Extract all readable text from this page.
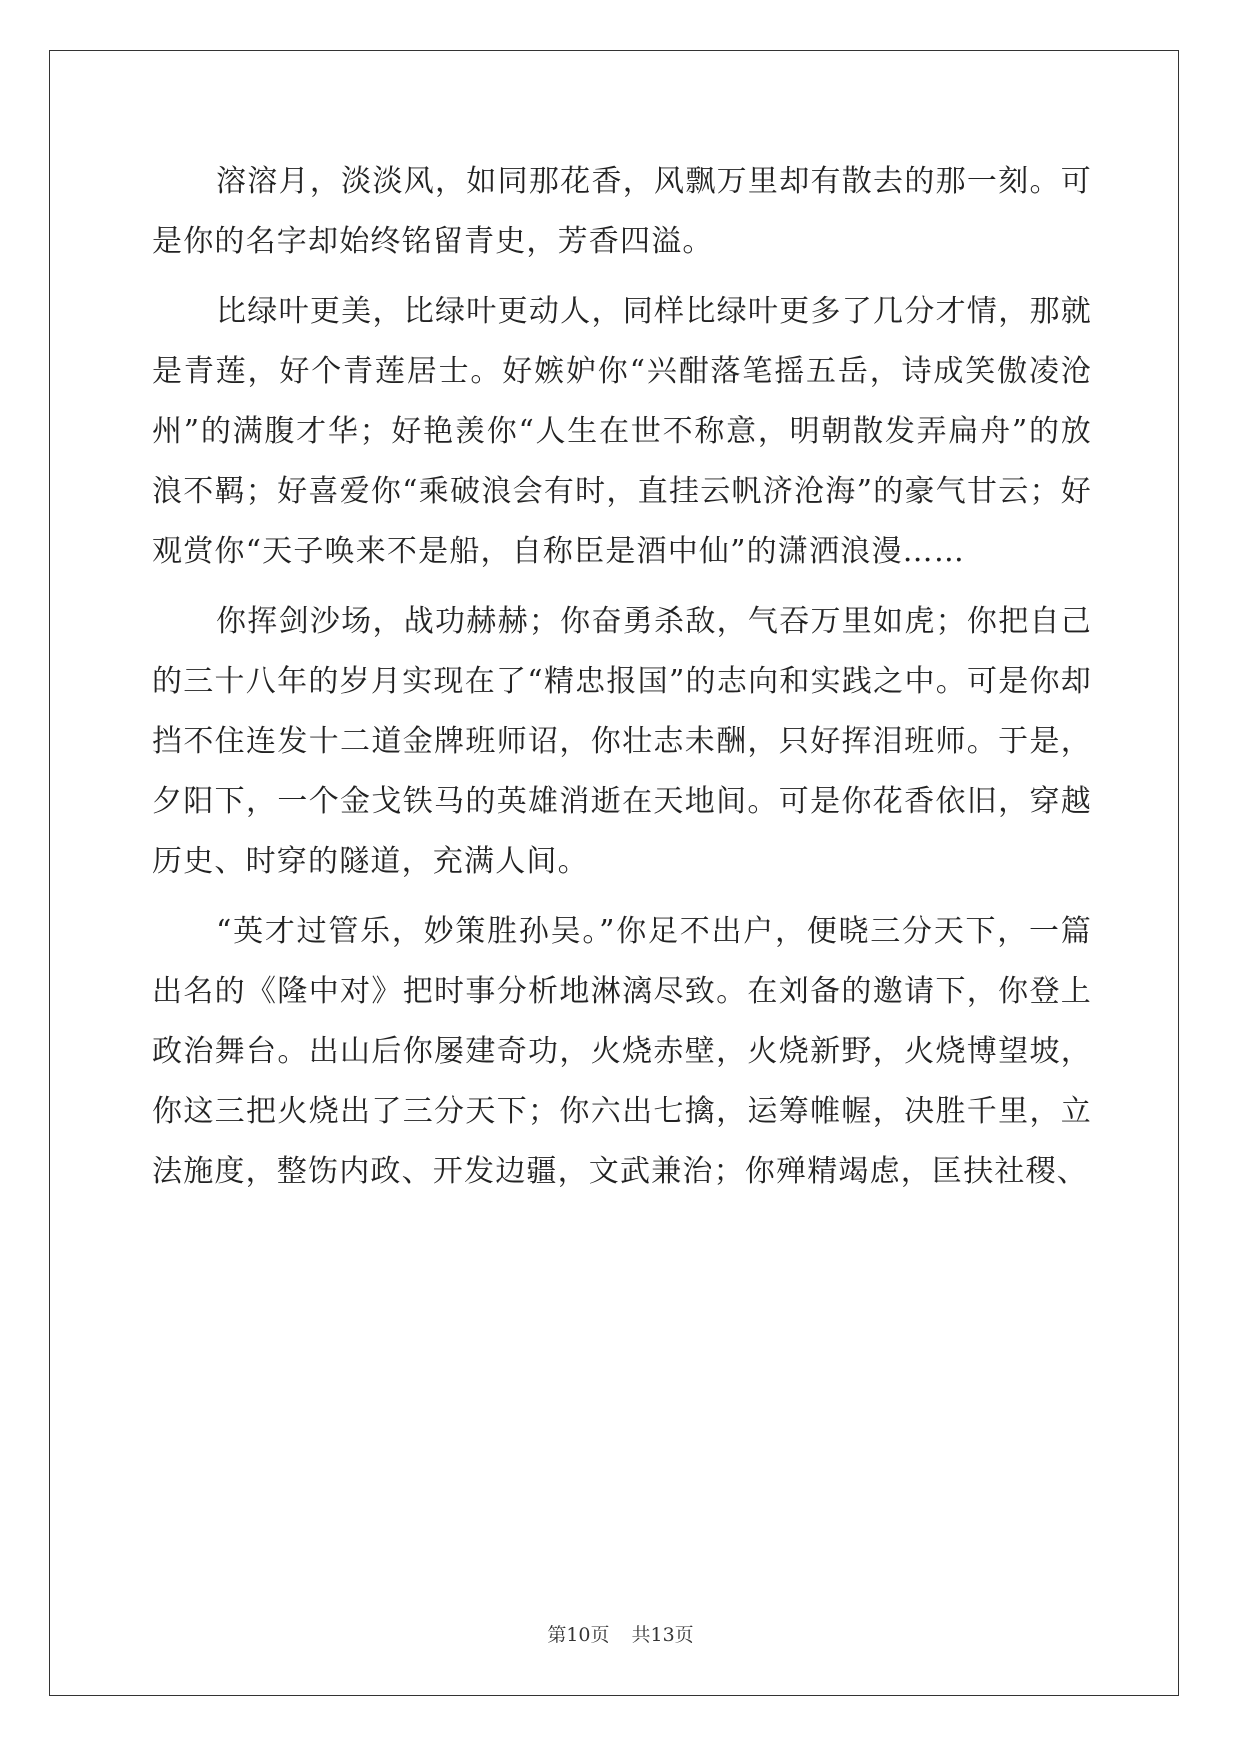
溶溶月，淡淡风，如同那花香，风飘万里却有散去的那一刻。可是你的名字却始终铭留青史，芳香四溢。

比绿叶更美，比绿叶更动人，同样比绿叶更多了几分才情，那就是青莲，好个青莲居士。好嫉妒你“兴酣落笔摇五岳，诗成笑傲凌沧州”的满腹才华；好艳羡你“人生在世不称意，明朝散发弄扁舟”的放浪不羁；好喜爱你“乘破浪会有时，直挂云帆济沧海”的豪气甘云；好观赏你“天子唤来不是船，自称臣是酒中仙”的潇洒浪漫……

你挥剑沙场，战功赫赫；你奋勇杀敌，气吞万里如虎；你把自己的三十八年的岁月实现在了“精忠报国”的志向和实践之中。可是你却挡不住连发十二道金牌班师诏，你壮志未酬，只好挥泪班师。于是，夕阳下，一个金戈铁马的英雄消逝在天地间。可是你花香依旧，穿越历史、时穿的隧道，充满人间。

“英才过管乐，妙策胜孙吴。”你足不出户，便晓三分天下，一篇出名的《隆中对》把时事分析地淋漓尽致。在刘备的邀请下，你登上政治舞台。出山后你屡建奇功，火烧赤壁，火烧新野，火烧博望坡，你这三把火烧出了三分天下；你六出七擒，运筹帷幄，决胜千里，立法施度，整饬内政、开发边疆，文武兼治；你殚精竭虑，匡扶社稷、

第10页 共13页
